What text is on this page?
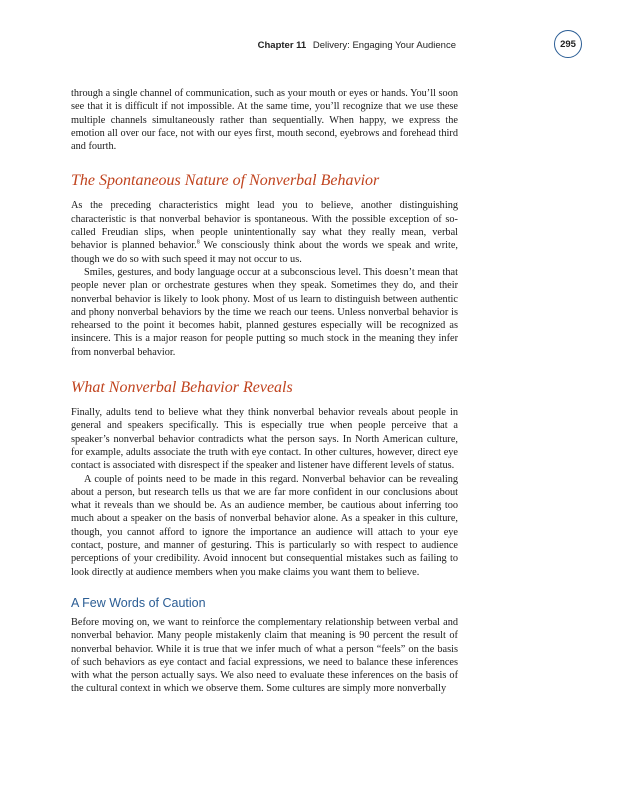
Chapter 11 Delivery: Engaging Your Audience	295

through a single channel of communication, such as your mouth or eyes or hands. You’ll soon see that it is difficult if not impossible. At the same time, you’ll recognize that we use these multiple channels simultaneously rather than sequentially. When happy, we express the emotion all over our face, not with our eyes first, mouth second, eyebrows and forehead third and fourth.

The Spontaneous Nature of Nonverbal Behavior

As the preceding characteristics might lead you to believe, another distinguishing characteristic is that nonverbal behavior is spontaneous. With the possible exception of so-called Freudian slips, when people unintentionally say what they really mean, verbal behavior is planned behavior.$^8$ We consciously think about the words we speak and write, though we do so with such speed it may not occur to us.

Smiles, gestures, and body language occur at a subconscious level. This doesn’t mean that people never plan or orchestrate gestures when they speak. Sometimes they do, and their nonverbal behavior is likely to look phony. Most of us learn to distinguish between authentic and phony nonverbal behaviors by the time we reach our teens. Unless nonverbal behavior is rehearsed to the point it becomes habit, planned gestures especially will be recognized as insincere. This is a major reason for people putting so much stock in the meaning they infer from nonverbal behavior.

What Nonverbal Behavior Reveals

Finally, adults tend to believe what they think nonverbal behavior reveals about people in general and speakers specifically. This is especially true when people perceive that a speaker’s nonverbal behavior contradicts what the person says. In North American culture, for example, adults associate the truth with eye contact. In other cultures, however, direct eye contact is associated with disrespect if the speaker and listener have different levels of status.

A couple of points need to be made in this regard. Nonverbal behavior can be revealing about a person, but research tells us that we are far more confident in our conclusions about what it reveals than we should be. As an audience member, be cautious about inferring too much about a speaker on the basis of nonverbal behavior alone. As a speaker in this culture, though, you cannot afford to ignore the importance an audience will attach to your eye contact, posture, and manner of gesturing. This is particularly so with respect to audience perceptions of your credibility. Avoid innocent but consequential mistakes such as failing to look directly at audience members when you make claims you want them to believe.

A Few Words of Caution

Before moving on, we want to reinforce the complementary relationship between verbal and nonverbal behavior. Many people mistakenly claim that meaning is 90 percent the result of nonverbal behavior. While it is true that we infer much of what a person “feels” on the basis of such behaviors as eye contact and facial expressions, we need to balance these inferences with what the person actually says. We also need to evaluate these inferences on the basis of the cultural context in which we observe them. Some cultures are simply more nonverbally
